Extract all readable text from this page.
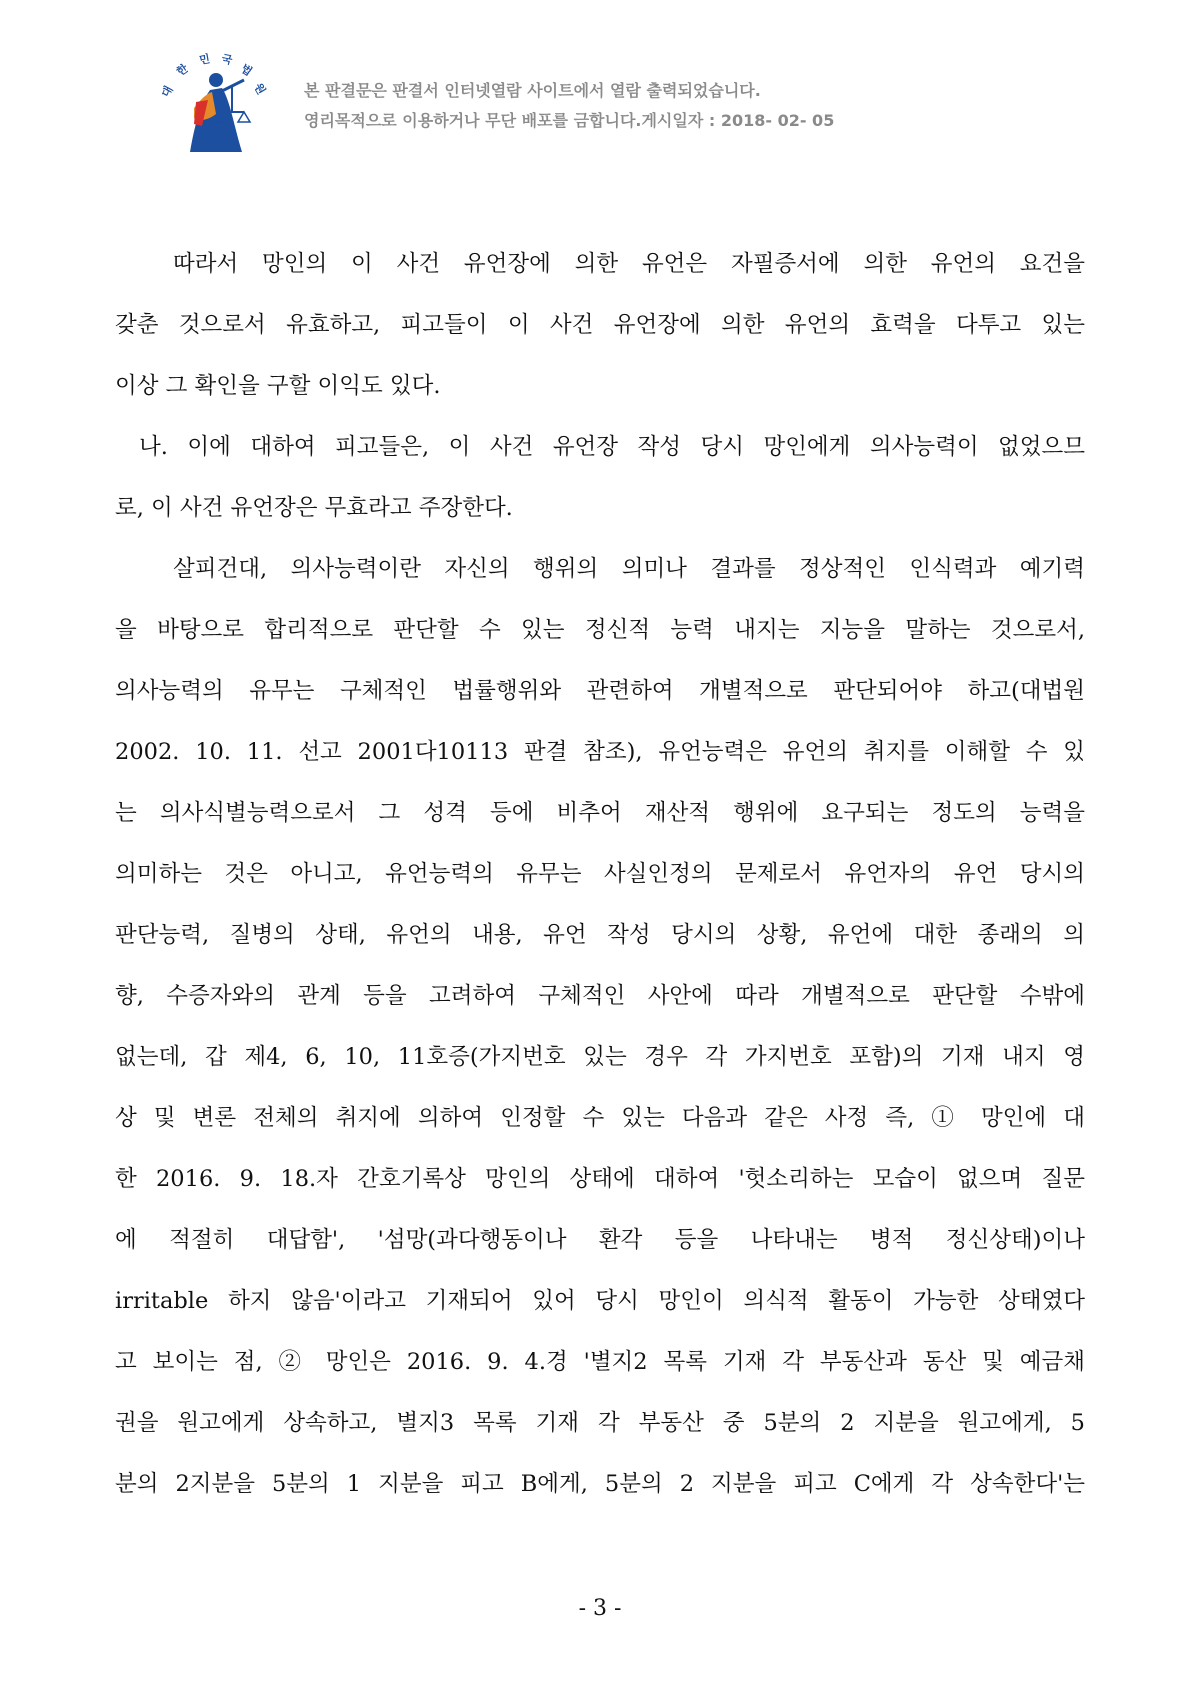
대
한
민 국
법
원 본 판결문은 판결서 인터넷열람 사이트에서 열람 출력되었습니다.
영리목적으로 이용하거나 무단 배포를 금합니다.게시일자 : 2018- 02- 05
따라서 망인의 이 사건 유언장에 의한 유언은 자필증서에 의한 유언의 요건을
갖춘 것으로서 유효하고, 피고들이 이 사건 유언장에 의한 유언의 효력을 다투고 있는
이상 그 확인을 구할 이익도 있다.
나. 이에 대하여 피고들은, 이 사건 유언장 작성 당시 망인에게 의사능력이 없었으므
로, 이 사건 유언장은 무효라고 주장한다.
살피건대, 의사능력이란 자신의 행위의 의미나 결과를 정상적인 인식력과 예기력
을 바탕으로 합리적으로 판단할 수 있는 정신적 능력 내지는 지능을 말하는 것으로서,
의사능력의 유무는 구체적인 법률행위와 관련하여 개별적으로 판단되어야 하고(대법원
2002. 10. 11. 선고 2001다10113 판결 참조), 유언능력은 유언의 취지를 이해할 수 있
는 의사식별능력으로서 그 성격 등에 비추어 재산적 행위에 요구되는 정도의 능력을
의미하는 것은 아니고, 유언능력의 유무는 사실인정의 문제로서 유언자의 유언 당시의
판단능력, 질병의 상태, 유언의 내용, 유언 작성 당시의 상황, 유언에 대한 종래의 의
향, 수증자와의 관계 등을 고려하여 구체적인 사안에 따라 개별적으로 판단할 수밖에
없는데, 갑 제4, 6, 10, 11호증(가지번호 있는 경우 각 가지번호 포함)의 기재 내지 영
상 및 변론 전체의 취지에 의하여 인정할 수 있는 다음과 같은 사정 즉, ① 망인에 대
한 2016. 9. 18.자 간호기록상 망인의 상태에 대하여 '헛소리하는 모습이 없으며 질문
에 적절히 대답함', '섬망(과다행동이나 환각 등을 나타내는 병적 정신상태)이나
irritable 하지 않음'이라고 기재되어 있어 당시 망인이 의식적 활동이 가능한 상태였다
고 보이는 점, ② 망인은 2016. 9. 4.경 '별지2 목록 기재 각 부동산과 동산 및 예금채
권을 원고에게 상속하고, 별지3 목록 기재 각 부동산 중 5분의 2 지분을 원고에게, 5
분의 2지분을 5분의 1 지분을 피고 B에게, 5분의 2 지분을 피고 C에게 각 상속한다'는
- 3 -
